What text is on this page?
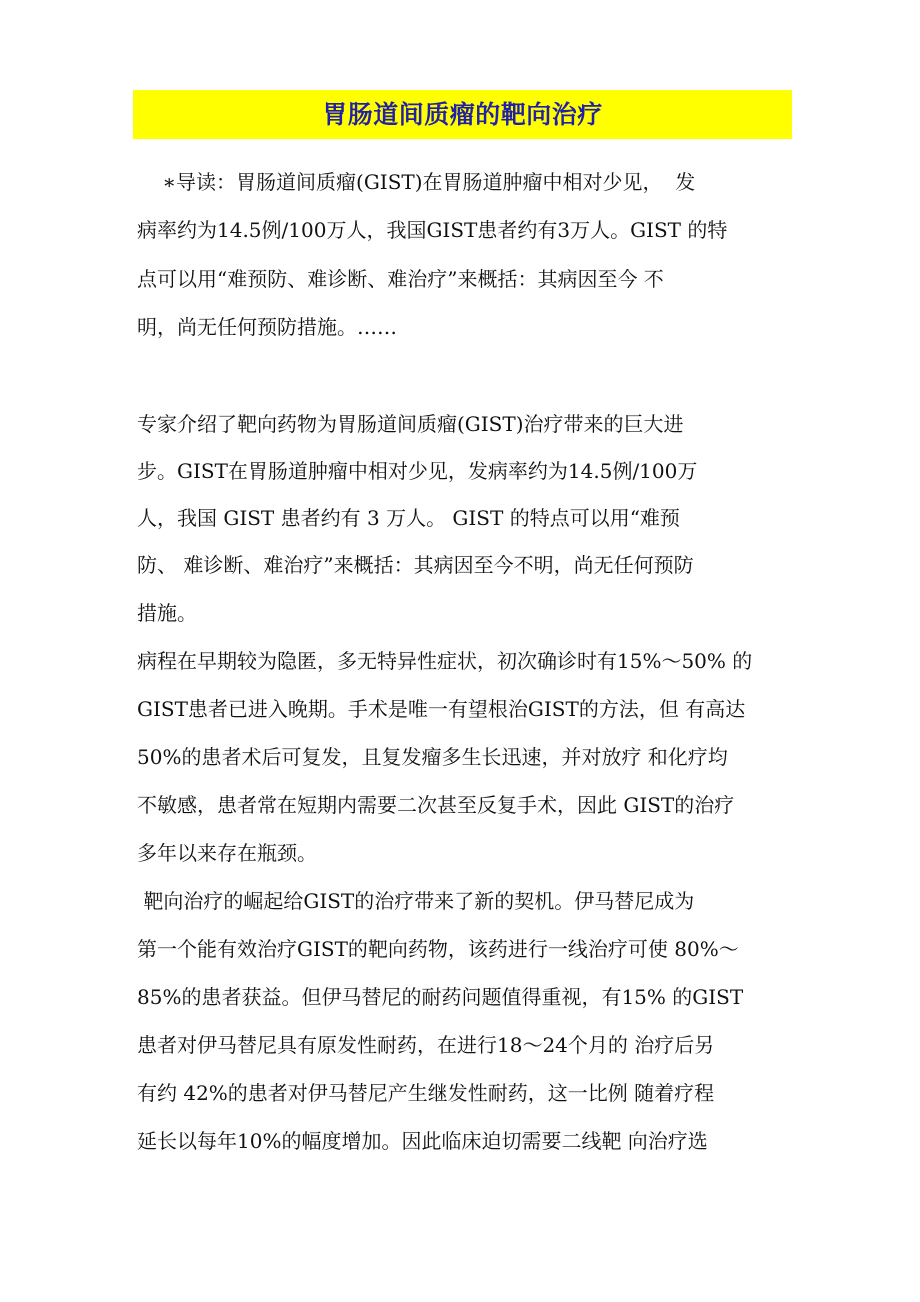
胃肠道间质瘤的靶向治疗
∗导读：胃肠道间质瘤(GIST)在胃肠道肿瘤中相对少见，  发
病率约为14.5例/100万人，我国GIST患者约有3万人。GIST 的特
点可以用“难预防、难诊断、难治疗”来概括：其病因至今 不
明，尚无任何预防措施。……
专家介绍了靶向药物为胃肠道间质瘤(GIST)治疗带来的巨大进
步。GIST在胃肠道肿瘤中相对少见，发病率约为14.5例/100万
人，我国 GIST 患者约有 3 万人。 GIST 的特点可以用“难预
防、 难诊断、难治疗”来概括：其病因至今不明，尚无任何预防
措施。
病程在早期较为隐匿，多无特异性症状，初次确诊时有15%〜50% 的
GIST患者已进入晚期。手术是唯一有望根治GIST的方法，但 有高达
50%的患者术后可复发，且复发瘤多生长迅速，并对放疗 和化疗均
不敏感，患者常在短期内需要二次甚至反复手术，因此 GIST的治疗
多年以来存在瓶颈。
靶向治疗的崛起给GIST的治疗带来了新的契机。伊马替尼成为
第一个能有效治疗GIST的靶向药物，该药进行一线治疗可使 80%〜
85%的患者获益。但伊马替尼的耐药问题值得重视，有15% 的GIST
患者对伊马替尼具有原发性耐药，在进行18〜24个月的 治疗后另
有约 42%的患者对伊马替尼产生继发性耐药，这一比例 随着疗程
延长以每年10%的幅度增加。因此临床迫切需要二线靶 向治疗选
